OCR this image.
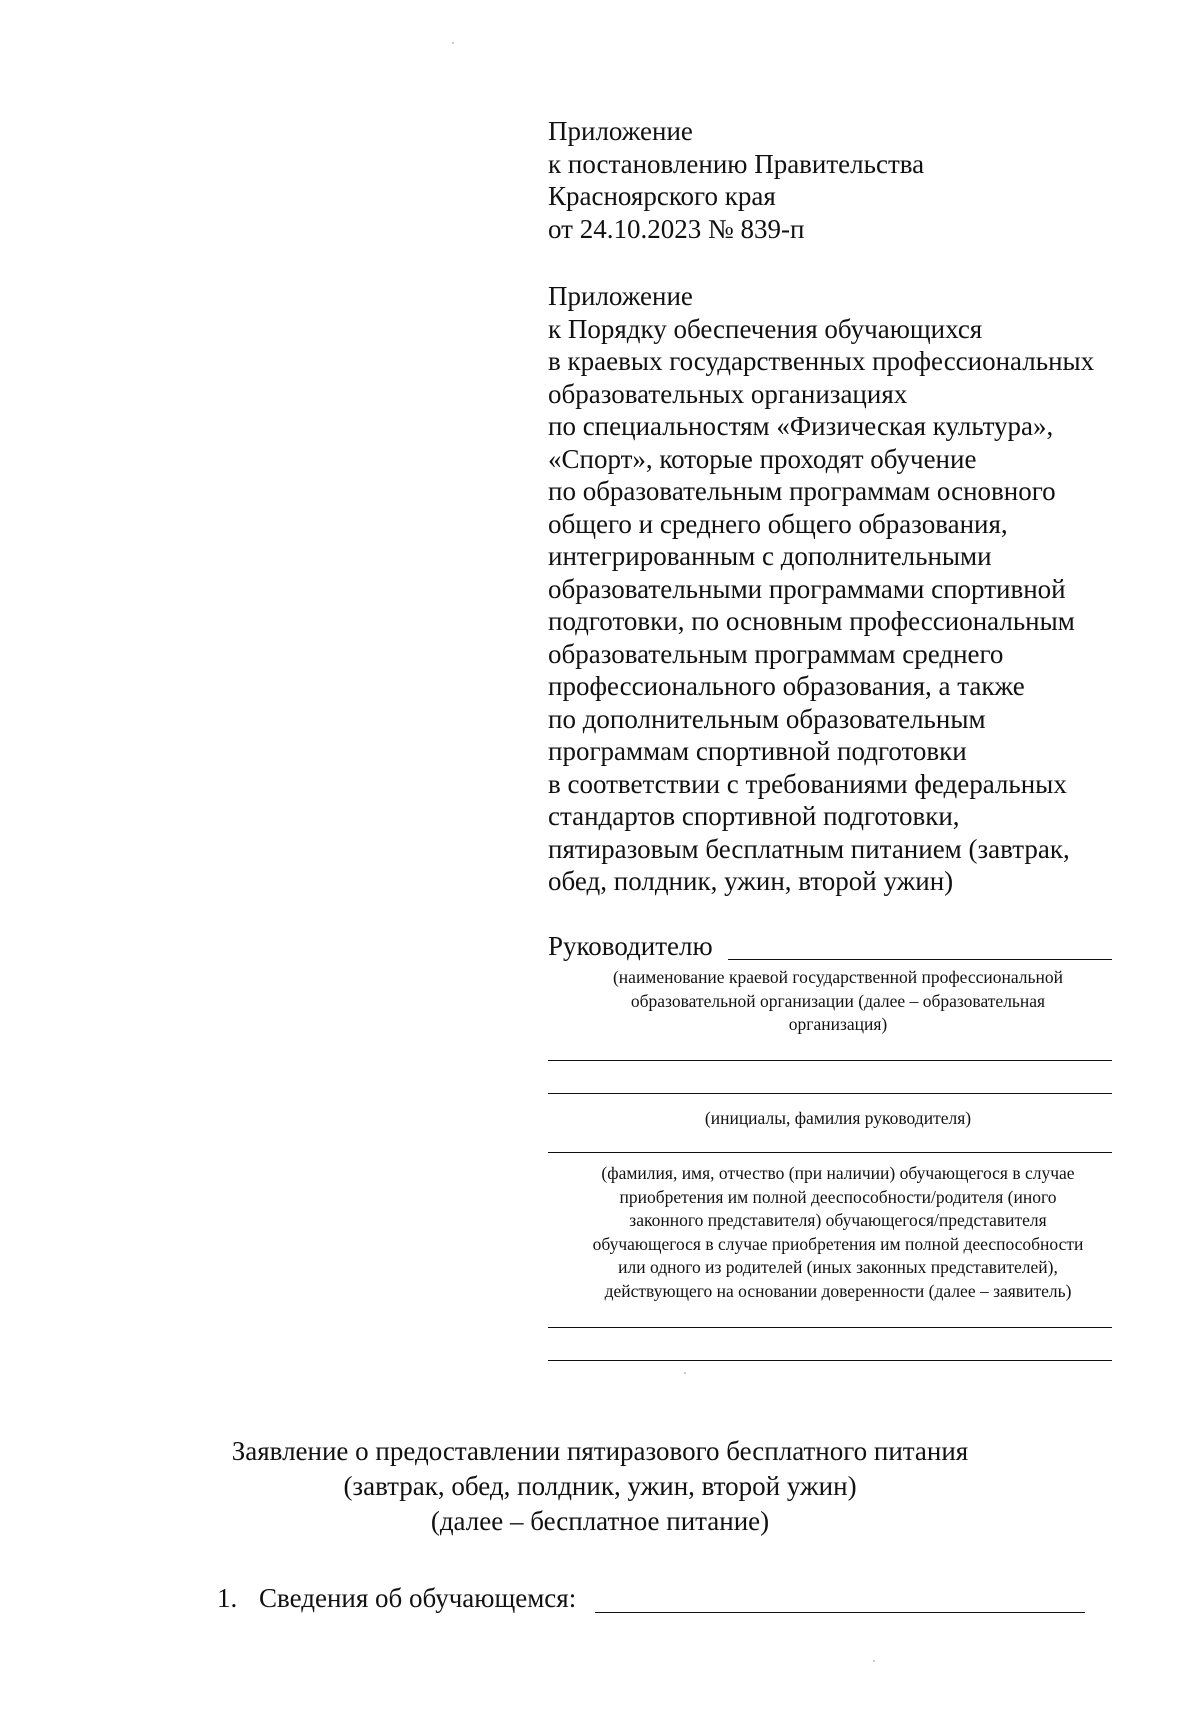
Приложение
к постановлению Правительства
Красноярского края
от 24.10.2023 № 839-п
Приложение
к Порядку обеспечения обучающихся
в краевых государственных профессиональных
образовательных организациях
по специальностям «Физическая культура»,
«Спорт», которые проходят обучение
по образовательным программам основного
общего и среднего общего образования,
интегрированным с дополнительными
образовательными программами спортивной
подготовки, по основным профессиональным
образовательным программам среднего
профессионального образования, а также
по дополнительным образовательным
программам спортивной подготовки
в соответствии с требованиями федеральных
стандартов спортивной подготовки,
пятиразовым бесплатным питанием (завтрак,
обед, полдник, ужин, второй ужин)
Руководителю
(наименование краевой государственной профессиональной
образовательной организации (далее – образовательная
организация)
(инициалы, фамилия руководителя)
(фамилия, имя, отчество (при наличии) обучающегося в случае
приобретения им полной дееспособности/родителя (иного
законного представителя) обучающегося/представителя
обучающегося в случае приобретения им полной дееспособности
или одного из родителей (иных законных представителей),
действующего на основании доверенности (далее – заявитель)
Заявление о предоставлении пятиразового бесплатного питания
(завтрак, обед, полдник, ужин, второй ужин)
(далее – бесплатное питание)
1. Сведения об обучающемся:
